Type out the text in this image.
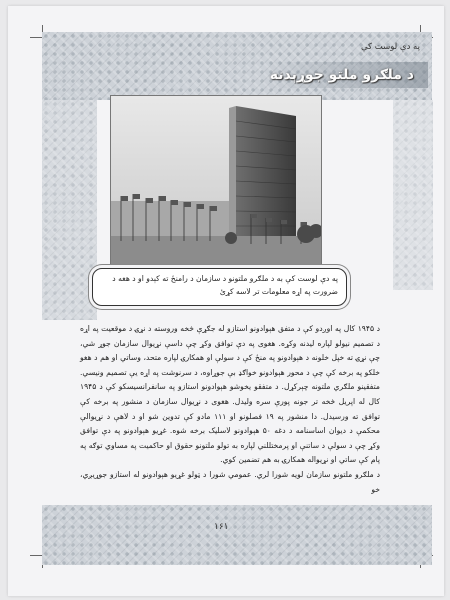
په دې لوست کې
د ملګرو ملتو جوړېدنه
په دې لوست کې به د ملګرو ملتونو د سازمان د رامنځ ته کېدو او د هغه د ضرورت په اړه معلومات تر لاسه کړئ

د ۱۹۴۵ کال په اوږدو کې د متفق هېوادونو استازو له جګړې څخه وروسته د نړۍ د موقعیت په اړه د تصمیم نیولو لپاره لیدنه وکړه. هغوی په دې توافق وکړ چې داسې نړیوال سازمان جوړ شي، چې نړۍ ته خپل خلونه د هېوادونو په منځ کې د سولې او همکارۍ لپاره متحد، وساتي او هم د هغو خلکو په برخه کې چې د محور هېوادونو خواګډ بې جوړاوه، د سرنوشت په اړه یې تصمیم ونیسي. متفقینو ملګري ملتونه چېرکړل. د متفقو یخوشو هېوادونو استازو په سانفرانسیسکو کې د ۱۹۴۵ کال له اپریل څخه تر جونه پورې سره ولیدل. هغوی د نړیوال سازمان د منشور په برخه کې توافق ته ورسیدل. دا منشور په ۱۹ فصلونو او ۱۱۱ مادو کې تدوین شو او د لاهې د نړیوالې محکمې د دیوان اساسنامه د دغه ۵۰ هېوادونو لاسلیک برخه شوه. غړیو هېوادونو په دې توافق وکړ چې د سولې د ساتنې او پرمختللني لپاره به تولو ملتونو حقوق او حاکمیت په مساوي توګه په پام کې ساتي او نړیواله همکارۍ به هم تضمین کوي.

د ملګرو ملتونو سازمان لویه شورا لري. عمومي شورا د ټولو غړیو هېوادونو له استازو جوړیږي، خو

۱۶۱
